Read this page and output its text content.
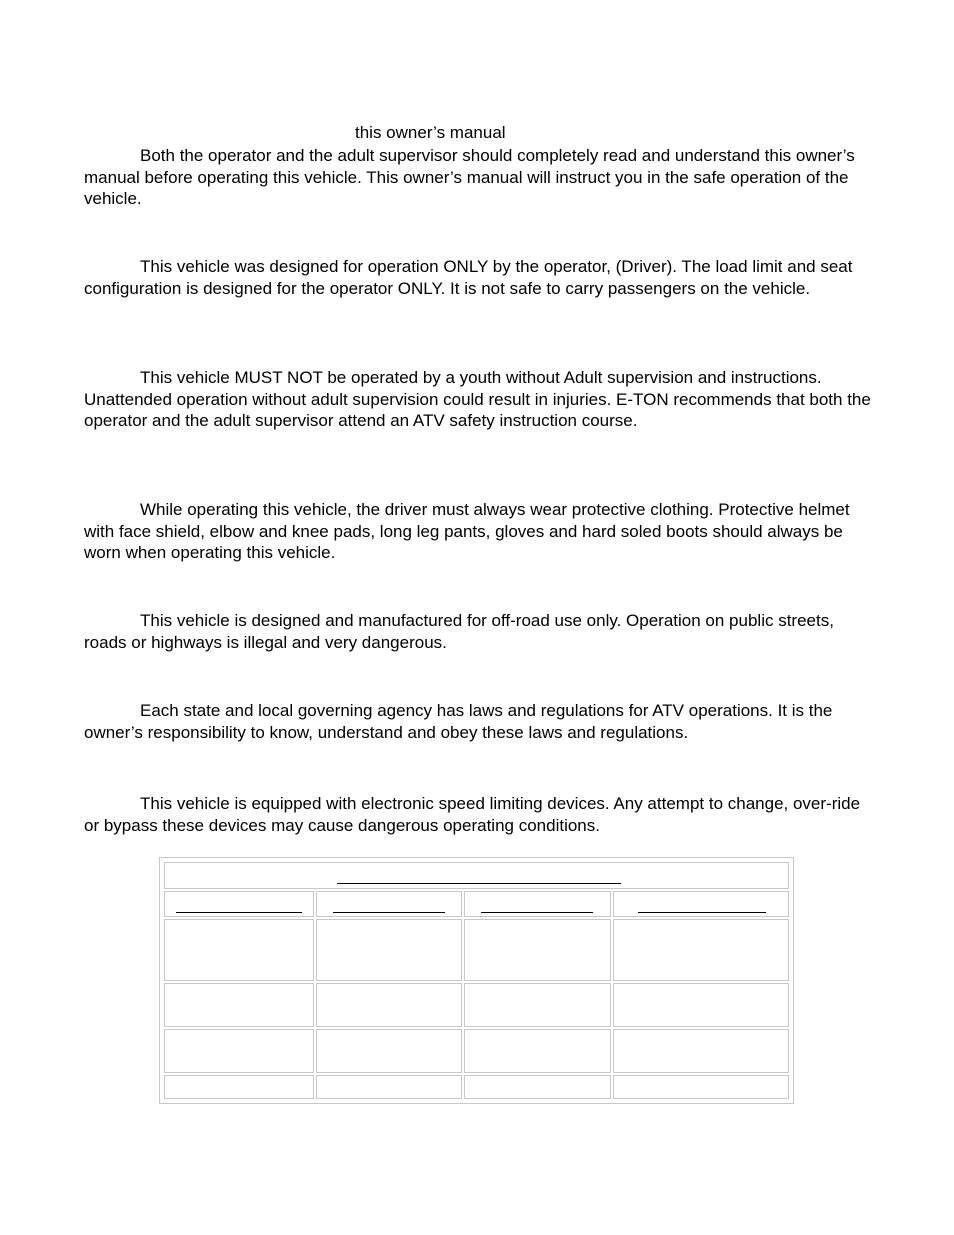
this owner’s manual

Both the operator and the adult supervisor should completely read and understand this owner’s manual before operating this vehicle. This owner’s manual will instruct you in the safe operation of the vehicle.

This vehicle was designed for operation ONLY by the operator, (Driver). The load limit and seat configuration is designed for the operator ONLY. It is not safe to carry passengers on the vehicle.

This vehicle MUST NOT be operated by a youth without Adult supervision and instructions. Unattended operation without adult supervision could result in injuries. E-TON recommends that both the operator and the adult supervisor attend an ATV safety instruction course.

While operating this vehicle, the driver must always wear protective clothing. Protective helmet with face shield, elbow and knee pads, long leg pants, gloves and hard soled boots should always be worn when operating this vehicle.

This vehicle is designed and manufactured for off-road use only. Operation on public streets, roads or highways is illegal and very dangerous.

Each state and local governing agency has laws and regulations for ATV operations. It is the owner’s responsibility to know, understand and obey these laws and regulations.

This vehicle is equipped with electronic speed limiting devices. Any attempt to change, over-ride or bypass these devices may cause dangerous operating conditions.
